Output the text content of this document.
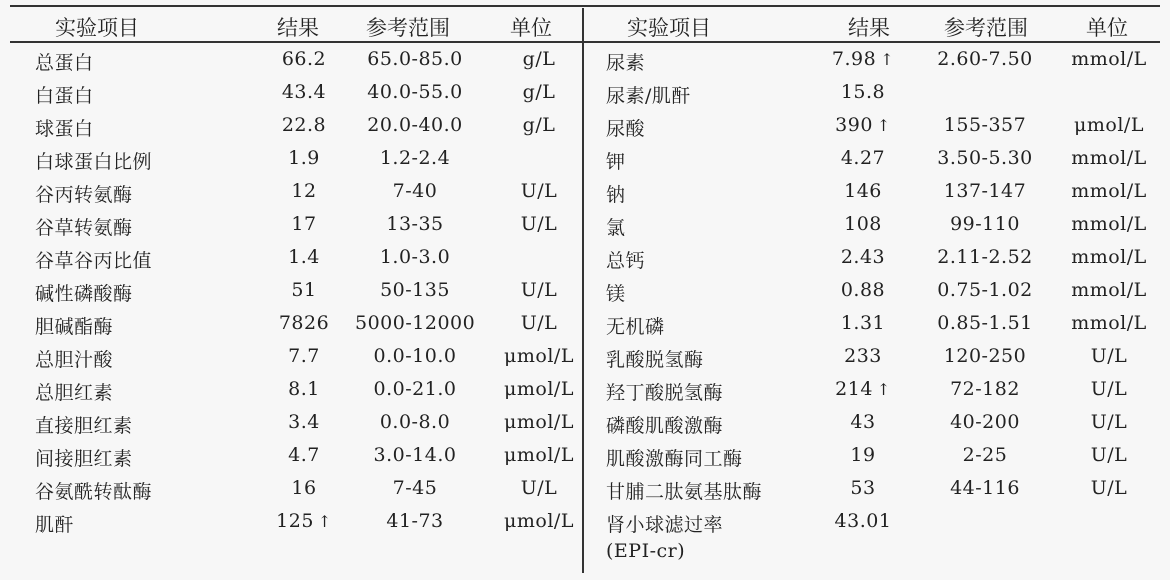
实验项目	结果 参考范围	单位	实验项目	结果	参考范围	单位
总蛋白	66.2	65.0-85.0	g/L
白蛋白	43.4	40.0-55.0	g/L
球蛋白	22.8	20.0-40.0	g/L
白球蛋白比例	1.9	1.2-2.4
谷丙转氨酶	12	7-40	U/L
谷草转氨酶	17	13-35	U/L
谷草谷丙比值	1.4	1.0-3.0
碱性磷酸酶	51	50-135	U/L
胆碱酯酶	7826	5000-12000	U/L
总胆汁酸	7.7	0.0-10.0	μmol/L
总胆红素	8.1	0.0-21.0	μmol/L
直接胆红素	3.4	0.0-8.0	μmol/L
间接胆红素	4.7	3.0-14.0	μmol/L
谷氨酰转酞酶	16	7-45	U/L
肌酐	125 ↑	41-73	μmol/L
尿素	7.98 ↑	2.60-7.50	mmol/L
尿素/肌酐	15.8
尿酸	390 ↑	155-357	μmol/L
钾	4.27	3.50-5.30	mmol/L
钠	146	137-147	mmol/L
氯	108	99-110	mmol/L
总钙	2.43	2.11-2.52	mmol/L
镁	0.88	0.75-1.02	mmol/L
无机磷	1.31	0.85-1.51	mmol/L
乳酸脱氢酶	233	120-250	U/L
羟丁酸脱氢酶	214 ↑	72-182	U/L
磷酸肌酸激酶	43	40-200	U/L
肌酸激酶同工酶	19	2-25	U/L
甘脯二肽氨基肽酶	53	44-116	U/L
肾小球滤过率	43.01
(EPI-cr)
